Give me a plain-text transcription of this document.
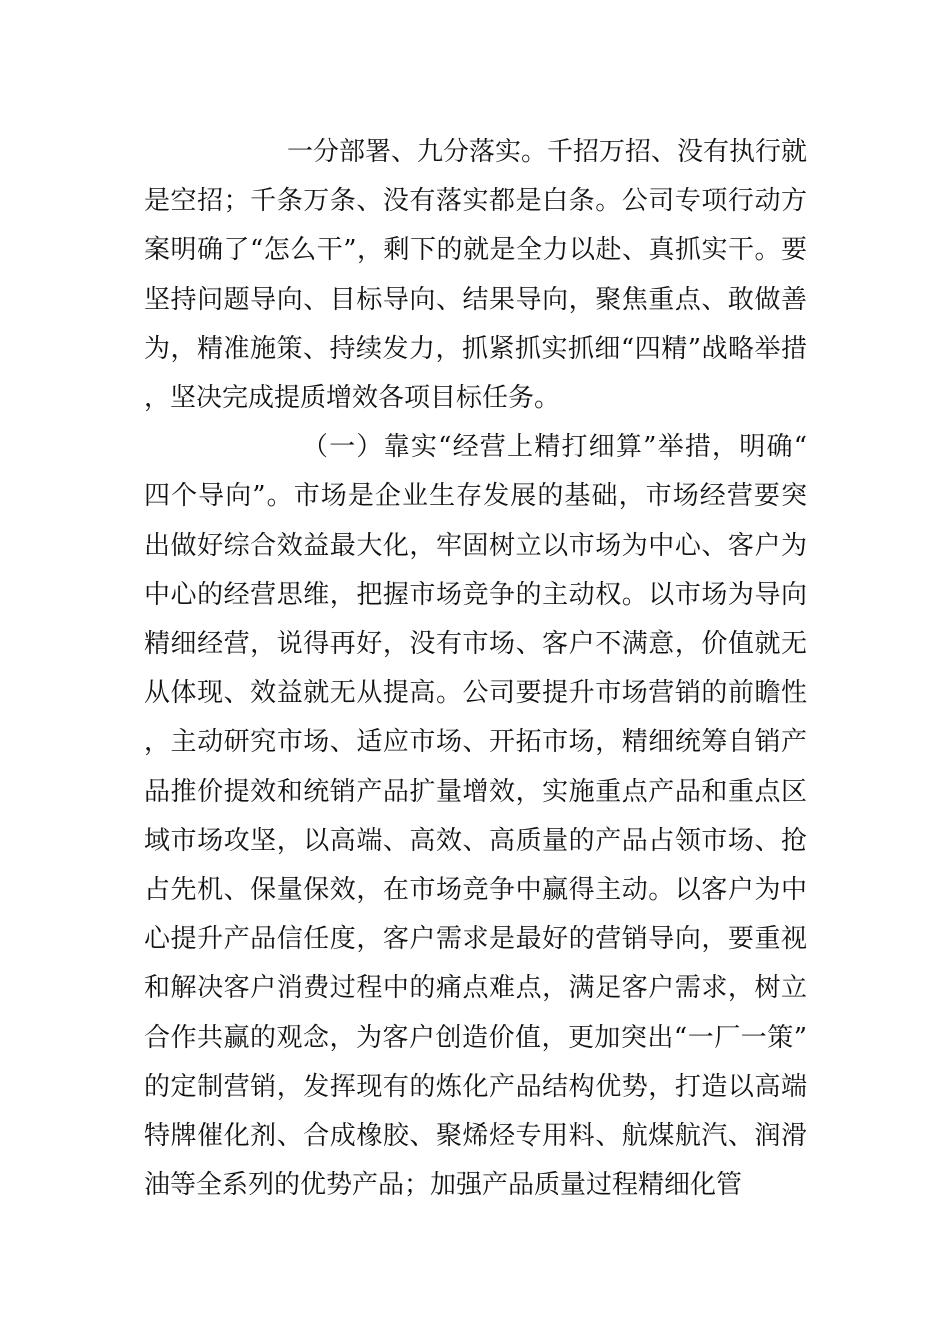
一分部署、九分落实。千招万招、没有执行就是空招；千条万条、没有落实都是白条。公司专项行动方案明确了“怎么干”，剩下的就是全力以赴、真抓实干。要坚持问题导向、目标导向、结果导向，聚焦重点、敢做善为，精准施策、持续发力，抓紧抓实抓细“四精”战略举措，坚决完成提质增效各项目标任务。

（一）靠实“经营上精打细算”举措，明确“四个导向”。市场是企业生存发展的基础，市场经营要突出做好综合效益最大化，牢固树立以市场为中心、客户为中心的经营思维，把握市场竞争的主动权。以市场为导向精细经营，说得再好，没有市场、客户不满意，价值就无从体现、效益就无从提高。公司要提升市场营销的前瞻性，主动研究市场、适应市场、开拓市场，精细统筹自销产品推价提效和统销产品扩量增效，实施重点产品和重点区域市场攻坚，以高端、高效、高质量的产品占领市场、抢占先机、保量保效，在市场竞争中赢得主动。以客户为中心提升产品信任度，客户需求是最好的营销导向，要重视和解决客户消费过程中的痛点难点，满足客户需求，树立合作共赢的观念，为客户创造价值，更加突出“一厂一策”的定制营销，发挥现有的炼化产品结构优势，打造以高端特牌催化剂、合成橡胶、聚烯烃专用料、航煤航汽、润滑油等全系列的优势产品；加强产品质量过程精细化管
